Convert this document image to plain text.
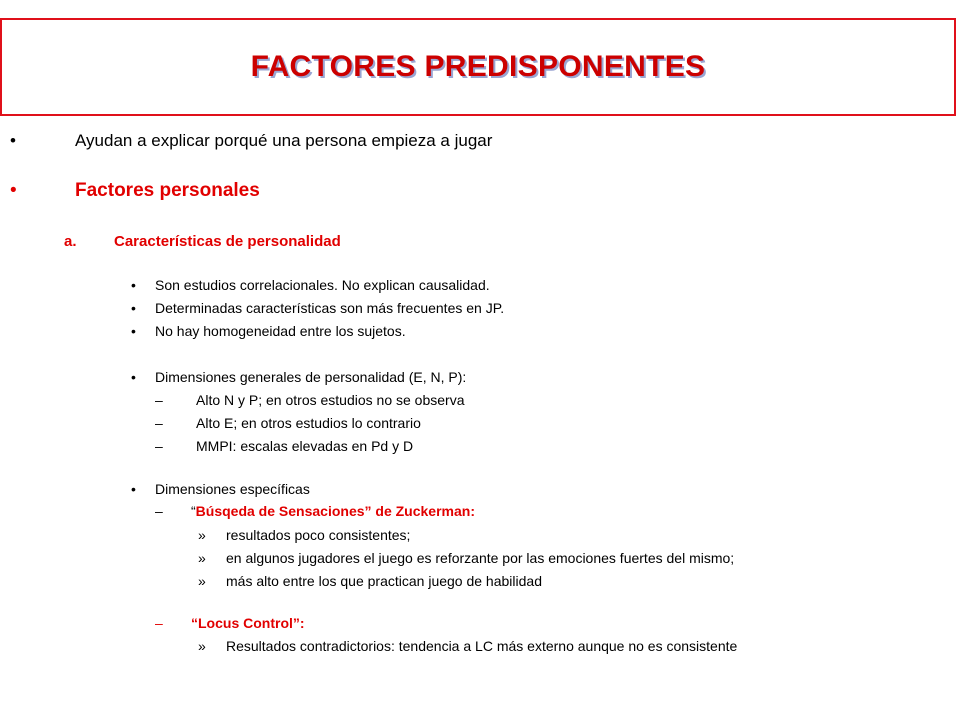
FACTORES PREDISPONENTES
•	Ayudan a explicar porqué una persona empieza a jugar
•	Factores personales
a. Características de personalidad
• Son estudios correlacionales. No explican causalidad.
• Determinadas características son más frecuentes en JP.
• No hay homogeneidad entre los sujetos.
• Dimensiones generales de personalidad (E, N, P):
– Alto N y P; en otros estudios no se observa
– Alto E; en otros estudios lo contrario
– MMPI: escalas elevadas en Pd y D
• Dimensiones específicas
– “Búsqeda de Sensaciones” de Zuckerman:
» resultados poco consistentes;
» en algunos jugadores el juego es reforzante por las emociones fuertes del mismo;
» más alto entre los que practican juego de habilidad
– “Locus Control”:
» Resultados contradictorios: tendencia a LC más externo aunque no es consistente
